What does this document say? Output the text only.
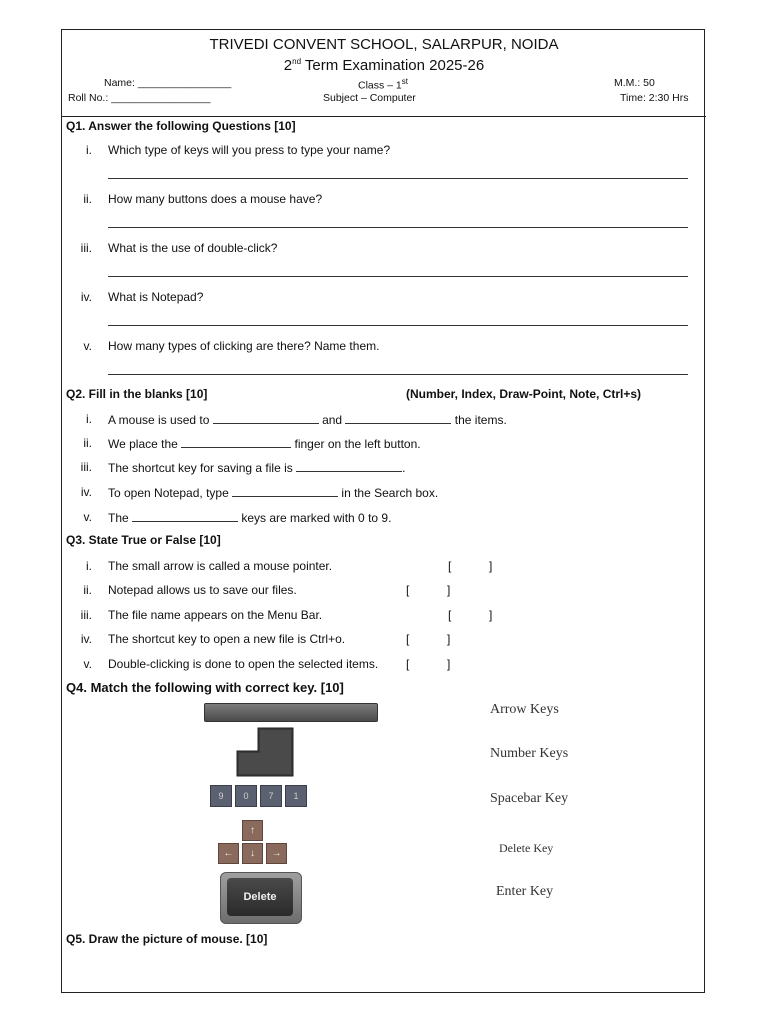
TRIVEDI CONVENT SCHOOL, SALARPUR, NOIDA
2nd Term Examination 2025-26
Name: ________________	Class – 1st	M.M.: 50
Roll No.: _________________	Subject – Computer	Time: 2:30 Hrs
Q1. Answer the following Questions [10]
i. Which type of keys will you press to type your name?
ii. How many buttons does a mouse have?
iii. What is the use of double-click?
iv. What is Notepad?
v. How many types of clicking are there? Name them.
Q2. Fill in the blanks [10]	(Number, Index, Draw-Point, Note, Ctrl+s)
i. A mouse is used to	and	the items.
ii. We place the	finger on the left button.
iii. The shortcut key for saving a file is	.
iv. To open Notepad, type	in the Search box.
v. The	keys are marked with 0 to 9.
Q3. State True or False [10]
i. The small arrow is called a mouse pointer.	[	]
ii. Notepad allows us to save our files.	[	]
iii. The file name appears on the Menu Bar.	[	]
iv. The shortcut key to open a new file is Ctrl+o.	[	]
v. Double-clicking is done to open the selected items. [	]
Q4. Match the following with correct key. [10]
9	0	7	1
↑
←	↓	→
Delete
Arrow Keys
Number Keys
Spacebar Key
Delete Key
Enter Key
Q5. Draw the picture of mouse. [10]
